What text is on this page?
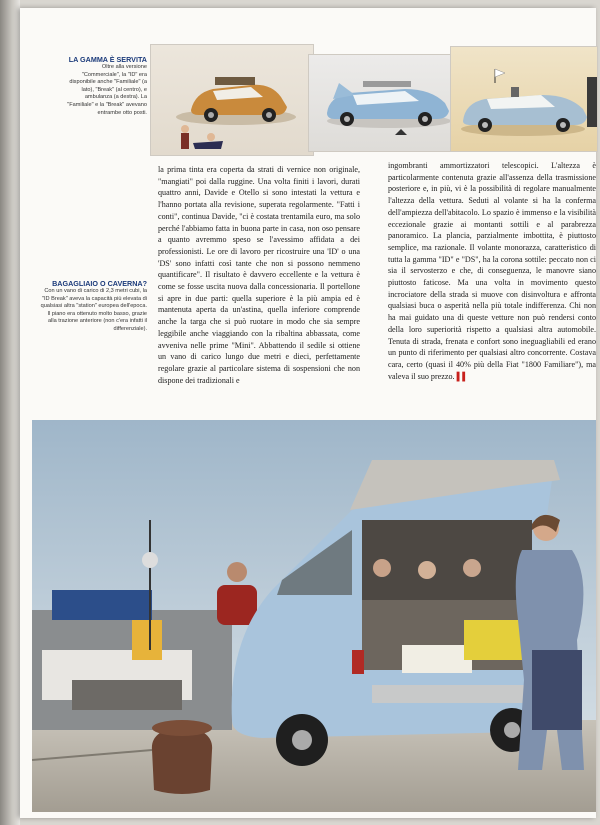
LA GAMMA È SERVITA
Oltre alla versione "Commerciale", la "ID" era disponibile anche "Familiale" (a lato), "Break" (al centro), e ambulanza (a destra). La "Familiale" e la "Break" avevano entrambe otto posti.
BAGAGLIAIO O CAVERNA?
Con un vano di carico di 2,3 metri cubi, la "ID Break" aveva la capacità più elevata di qualsiasi altra "station" europea dell'epoca. Il piano era ottenuto molto basso, grazie alla trazione anteriore (non c'era infatti il differenziale).

la prima tinta era coperta da strati di vernice non originale, "mangiati" poi dalla ruggine. Una volta finiti i lavori, durati quattro anni, Davide e Otello si sono intestati la vettura e l'hanno portata alla revisione, superata regolarmente. "Fatti i conti", continua Davide, "ci è costata trentamila euro, ma solo perché l'abbiamo fatta in buona parte in casa, non oso pensare a quanto avremmo speso se l'avessimo affidata a dei professionisti. Le ore di lavoro per ricostruire una 'ID' o una 'DS' sono infatti così tante che non si possono nemmeno quantificare". Il risultato è davvero eccellente e la vettura è come se fosse uscita nuova dalla concessionaria. Il portellone si apre in due parti: quella superiore è la più ampia ed è mantenuta aperta da un'astina, quella inferiore comprende anche la targa che si può ruotare in modo che sia sempre leggibile anche viaggiando con la ribaltina abbassata, come avveniva nelle prime "Mini". Abbattendo il sedile si ottiene un vano di carico lungo due metri e dieci, perfettamente regolare grazie al particolare sistema di sospensioni che non dispone dei tradizionali e

ingombranti ammortizzatori telescopici. L'altezza è particolarmente contenuta grazie all'assenza della trasmissione posteriore e, in più, vi è la possibilità di regolare manualmente l'altezza della vettura. Seduti al volante si ha la conferma dell'ampiezza dell'abitacolo. Lo spazio è immenso e la visibilità eccezionale grazie ai montanti sottili e al parabrezza panoramico. La plancia, parzialmente imbottita, è piuttosto semplice, ma razionale. Il volante monorazza, caratteristico di tutta la gamma "ID" e "DS", ha la corona sottile: peccato non ci sia il servosterzo e che, di conseguenza, le manovre siano piuttosto faticose. Ma una volta in movimento questo incrociatore della strada si muove con disinvoltura e affronta qualsiasi buca o asperità nella più totale indifferenza. Chi non ha mai guidato una di queste vetture non può rendersi conto della loro superiorità rispetto a qualsiasi altra automobile. Tenuta di strada, frenata e confort sono ineguagliabili ed erano un punto di riferimento per qualsiasi altro concorrente. Costava cara, certo (quasi il 40% più della Fiat "1800 Familiare"), ma valeva il suo prezzo. ▌▌
